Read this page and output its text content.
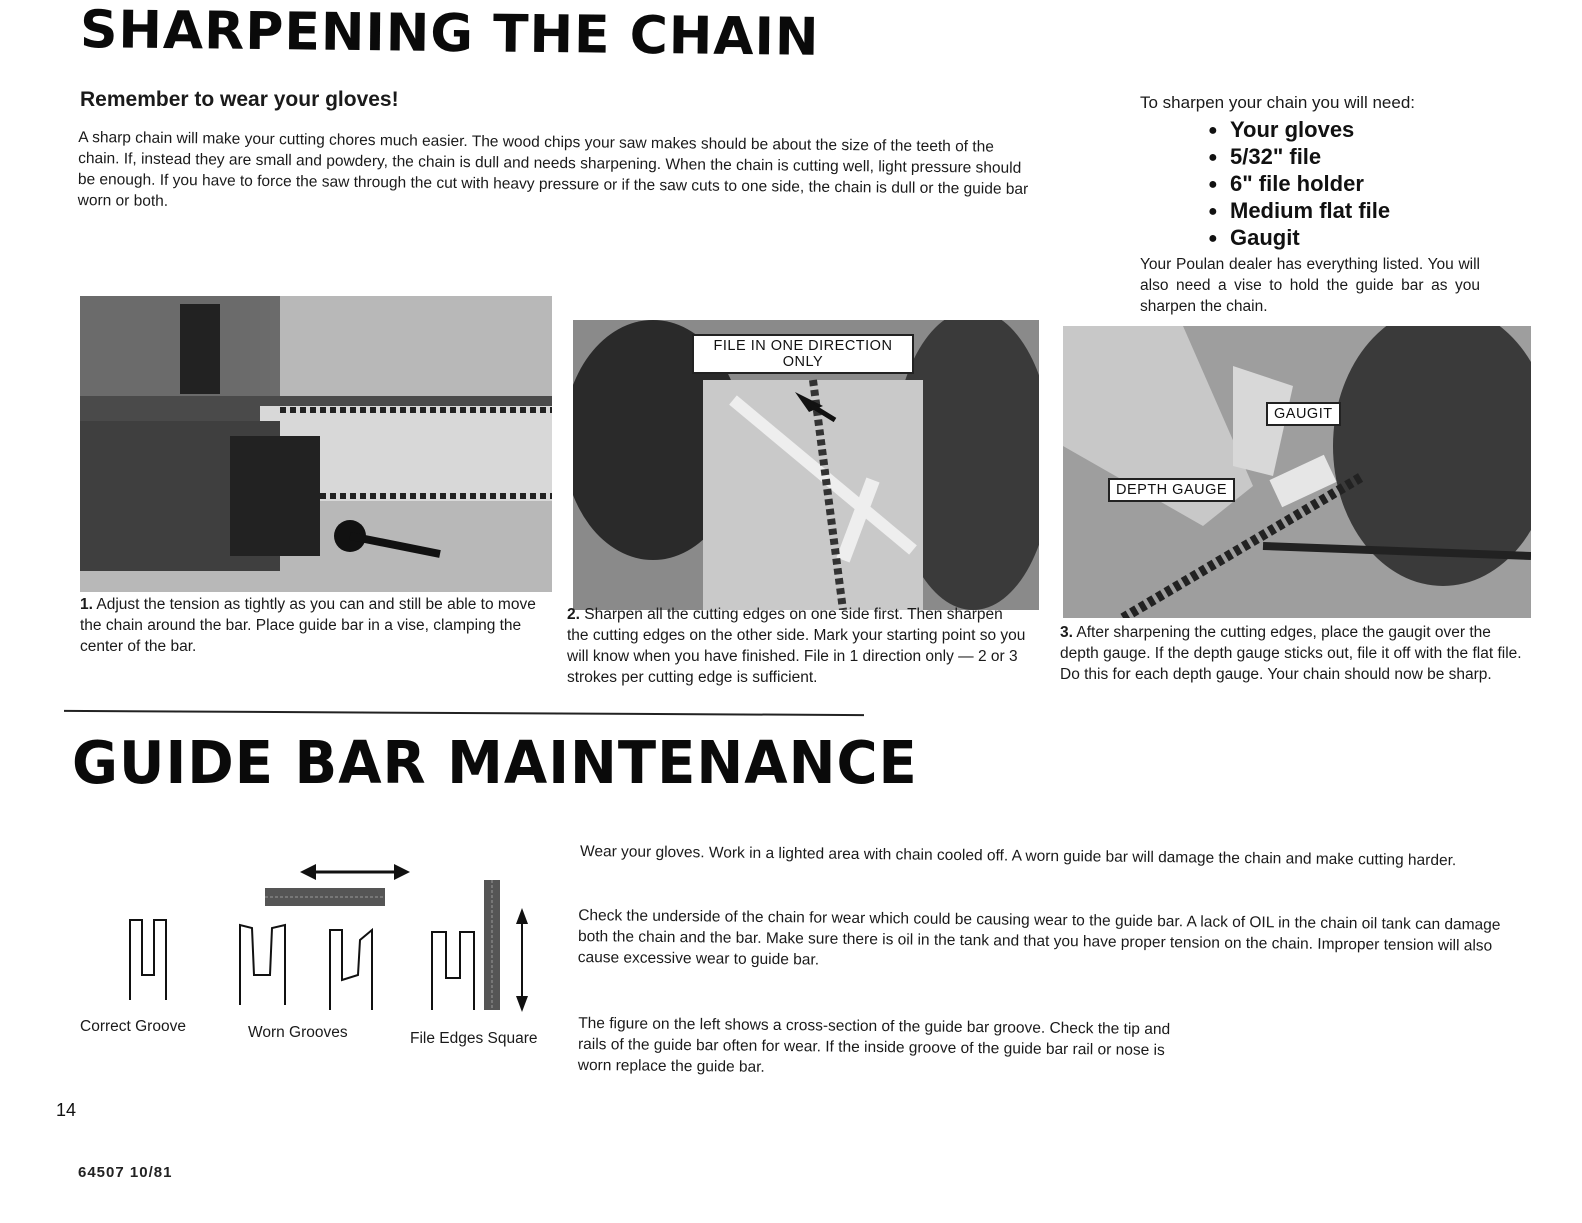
SHARPENING THE CHAIN
Remember to wear your gloves!
A sharp chain will make your cutting chores much easier. The wood chips your saw makes should be about the size of the teeth of the chain. If, instead they are small and powdery, the chain is dull and needs sharpening. When the chain is cutting well, light pressure should be enough. If you have to force the saw through the cut with heavy pressure or if the saw cuts to one side, the chain is dull or the guide bar worn or both.
To sharpen your chain you will need:
● Your gloves
● 5/32" file
● 6" file holder
● Medium flat file
● Gaugit
Your Poulan dealer has everything listed. You will also need a vise to hold the guide bar as you sharpen the chain.
1. Adjust the tension as tightly as you can and still be able to move the chain around the bar. Place guide bar in a vise, clamping the center of the bar.
FILE IN ONE DIRECTION ONLY
2. Sharpen all the cutting edges on one side first. Then sharpen the cutting edges on the other side. Mark your starting point so you will know when you have finished. File in 1 direction only — 2 or 3 strokes per cutting edge is sufficient.
GAUGIT
DEPTH GAUGE
3. After sharpening the cutting edges, place the gaugit over the depth gauge. If the depth gauge sticks out, file it off with the flat file. Do this for each depth gauge. Your chain should now be sharp.
GUIDE BAR MAINTENANCE
Correct Groove	Worn Grooves	File Edges Square
Wear your gloves. Work in a lighted area with chain cooled off. A worn guide bar will damage the chain and make cutting harder.
Check the underside of the chain for wear which could be causing wear to the guide bar. A lack of OIL in the chain oil tank can damage both the chain and the bar. Make sure there is oil in the tank and that you have proper tension on the chain. Improper tension will also cause excessive wear to guide bar.
The figure on the left shows a cross-section of the guide bar groove. Check the tip and rails of the guide bar often for wear. If the inside groove of the guide bar rail or nose is worn replace the guide bar.
14
64507 10/81
